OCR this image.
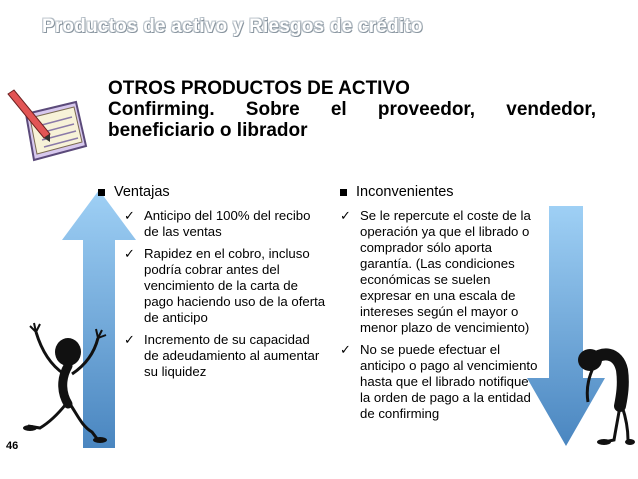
Productos de activo y Riesgos de crédito
OTROS PRODUCTOS DE ACTIVO
Confirming. Sobre el proveedor, vendedor,
beneficiario o librador
Ventajas
✓ Anticipo del 100% del recibo de las ventas
✓ Rapidez en el cobro, incluso podría cobrar antes del vencimiento de la carta de pago haciendo uso de la oferta de anticipo
✓ Incremento de su capacidad de adeudamiento al aumentar su liquidez
Inconvenientes
✓ Se le repercute el coste de la operación ya que el librado o comprador sólo aporta garantía. (Las condiciones económicas se suelen expresar en una escala de intereses según el mayor o menor plazo de vencimiento)
✓ No se puede efectuar el anticipo o pago al vencimiento hasta que el librado notifique la orden de pago a la entidad de confirming
46
